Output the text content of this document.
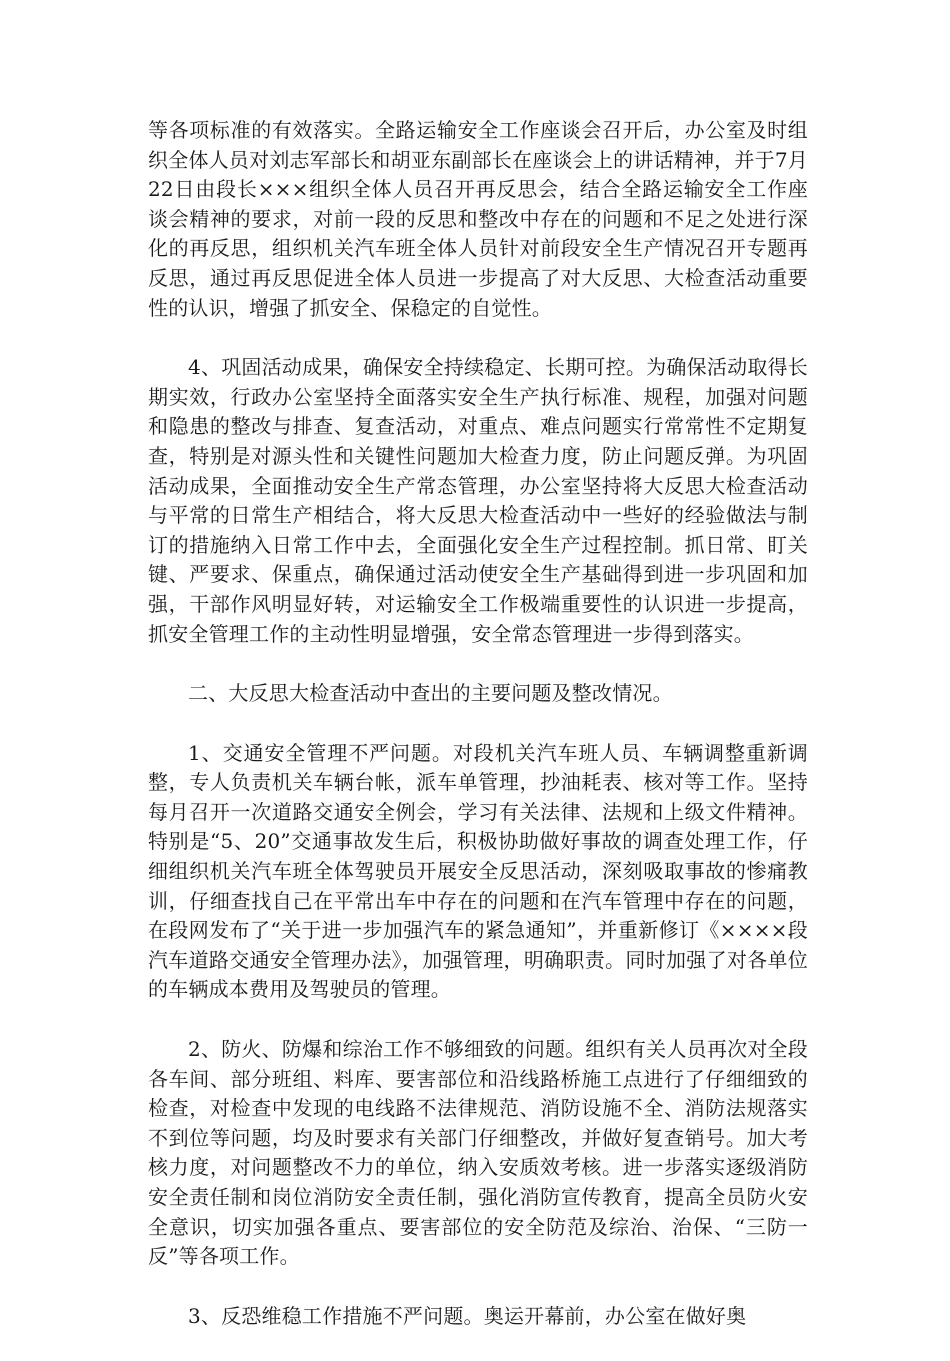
等各项标准的有效落实。全路运输安全工作座谈会召开后，办公室及时组织全体人员对刘志军部长和胡亚东副部长在座谈会上的讲话精神，并于7月22日由段长×××组织全体人员召开再反思会，结合全路运输安全工作座谈会精神的要求，对前一段的反思和整改中存在的问题和不足之处进行深化的再反思，组织机关汽车班全体人员针对前段安全生产情况召开专题再反思，通过再反思促进全体人员进一步提高了对大反思、大检查活动重要性的认识，增强了抓安全、保稳定的自觉性。

4、巩固活动成果，确保安全持续稳定、长期可控。为确保活动取得长期实效，行政办公室坚持全面落实安全生产执行标准、规程，加强对问题和隐患的整改与排查、复查活动，对重点、难点问题实行常常性不定期复查，特别是对源头性和关键性问题加大检查力度，防止问题反弹。为巩固活动成果，全面推动安全生产常态管理，办公室坚持将大反思大检查活动与平常的日常生产相结合，将大反思大检查活动中一些好的经验做法与制订的措施纳入日常工作中去，全面强化安全生产过程控制。抓日常、盯关键、严要求、保重点，确保通过活动使安全生产基础得到进一步巩固和加强，干部作风明显好转，对运输安全工作极端重要性的认识进一步提高，抓安全管理工作的主动性明显增强，安全常态管理进一步得到落实。

二、大反思大检查活动中查出的主要问题及整改情况。

1、交通安全管理不严问题。对段机关汽车班人员、车辆调整重新调整，专人负责机关车辆台帐，派车单管理，抄油耗表、核对等工作。坚持每月召开一次道路交通安全例会，学习有关法律、法规和上级文件精神。特别是“5、20”交通事故发生后，积极协助做好事故的调查处理工作，仔细组织机关汽车班全体驾驶员开展安全反思活动，深刻吸取事故的惨痛教训，仔细查找自己在平常出车中存在的问题和在汽车管理中存在的问题，在段网发布了“关于进一步加强汽车的紧急通知”，并重新修订《××××段汽车道路交通安全管理办法》，加强管理，明确职责。同时加强了对各单位的车辆成本费用及驾驶员的管理。

2、防火、防爆和综治工作不够细致的问题。组织有关人员再次对全段各车间、部分班组、料库、要害部位和沿线路桥施工点进行了仔细细致的检查，对检查中发现的电线路不法律规范、消防设施不全、消防法规落实不到位等问题，均及时要求有关部门仔细整改，并做好复查销号。加大考核力度，对问题整改不力的单位，纳入安质效考核。进一步落实逐级消防安全责任制和岗位消防安全责任制，强化消防宣传教育，提高全员防火安全意识，切实加强各重点、要害部位的安全防范及综治、治保、“三防一反”等各项工作。

3、反恐维稳工作措施不严问题。奥运开幕前，办公室在做好奥
